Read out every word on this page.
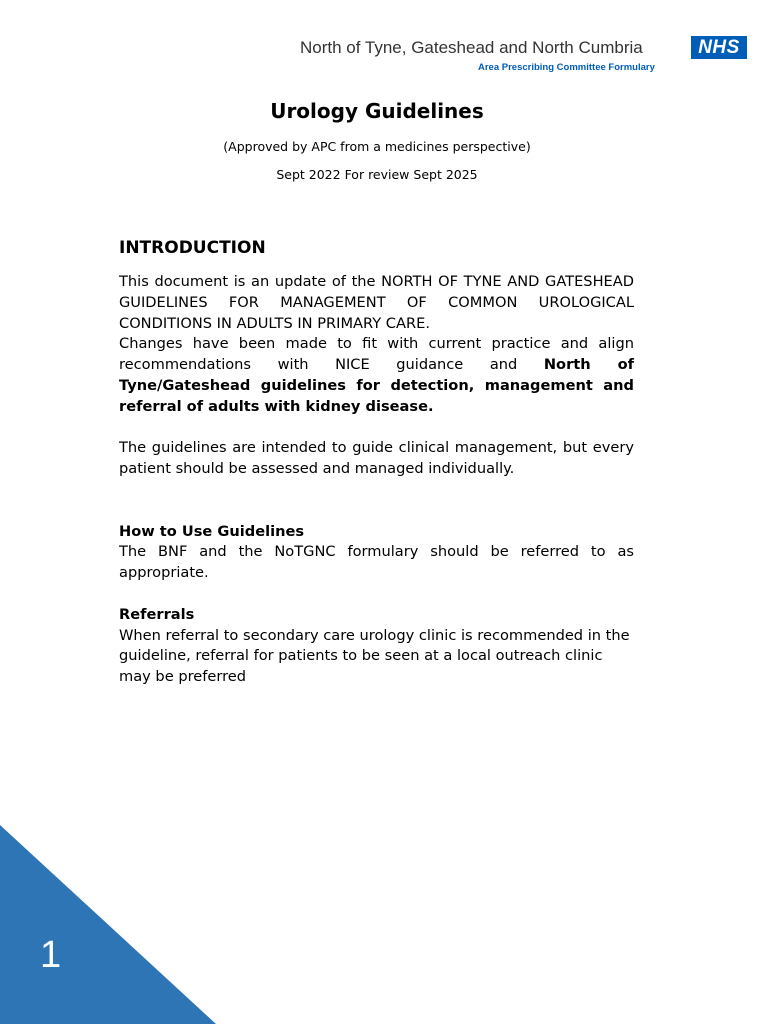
North of Tyne, Gateshead and North Cumbria
Area Prescribing Committee Formulary
NHS
Urology Guidelines
(Approved by APC from a medicines perspective)
Sept 2022 For review Sept 2025
INTRODUCTION

This document is an update of the NORTH OF TYNE AND GATESHEAD GUIDELINES FOR MANAGEMENT OF COMMON UROLOGICAL CONDITIONS IN ADULTS IN PRIMARY CARE.

Changes have been made to fit with current practice and align recommendations with NICE guidance and North of Tyne/Gateshead guidelines for detection, management and referral of adults with kidney disease.

The guidelines are intended to guide clinical management, but every patient should be assessed and managed individually.

How to Use Guidelines

The BNF and the NoTGNC formulary should be referred to as appropriate.

Referrals

When referral to secondary care urology clinic is recommended in the guideline, referral for patients to be seen at a local outreach clinic may be preferred

1
